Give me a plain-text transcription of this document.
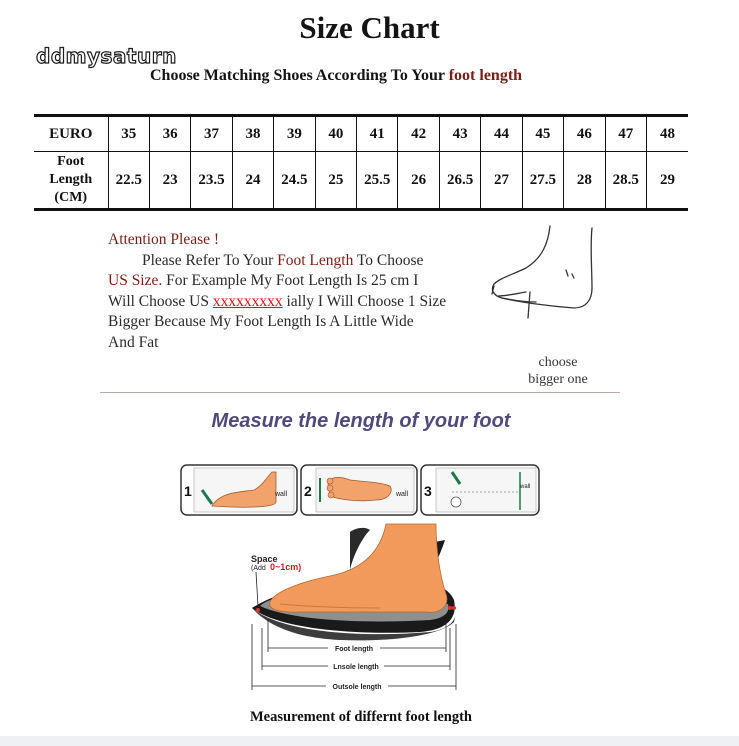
Size Chart
ddmysaturn
Choose Matching Shoes According To Your foot length
EURO	35	36	37	38	39	40	41	42	43	44	45	46	47	48
Foot
Length
(CM)	22.5	23	23.5	24	24.5	25	25.5	26	26.5	27	27.5	28	28.5	29

Attention Please !

Please Refer To Your Foot Length To Choose

US Size. For Example My Foot Length Is 25 cm I

Will Choose US xxxxxxxxx ially I Will Choose 1 Size

Bigger Because My Foot Length Is A Little Wide

And Fat

choose
bigger one
Measure the length of your foot
1	wall 2	wall 3	wall
Space
(Add 0~1cm)
Foot length
Lnsole length
Outsole length
Measurement of differnt foot length
